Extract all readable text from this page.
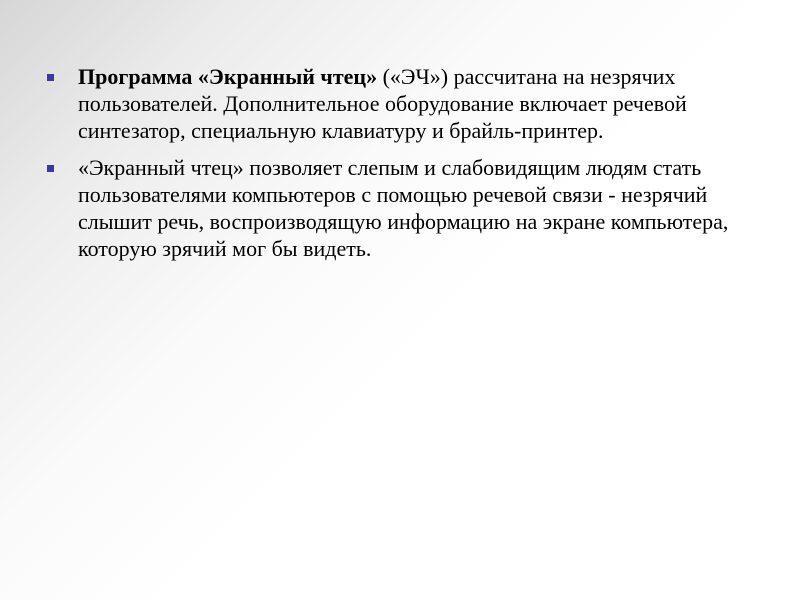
Программа «Экранный чтец» («ЭЧ») рассчитана на незрячих пользователей. Дополнительное оборудование включает речевой синтезатор, специальную клавиатуру и брайль-принтер.
«Экранный чтец» позволяет слепым и слабовидящим людям стать пользователями компьютеров с помощью речевой связи - незрячий слышит речь, воспроизводящую информацию на экране компьютера, которую зрячий мог бы видеть.
